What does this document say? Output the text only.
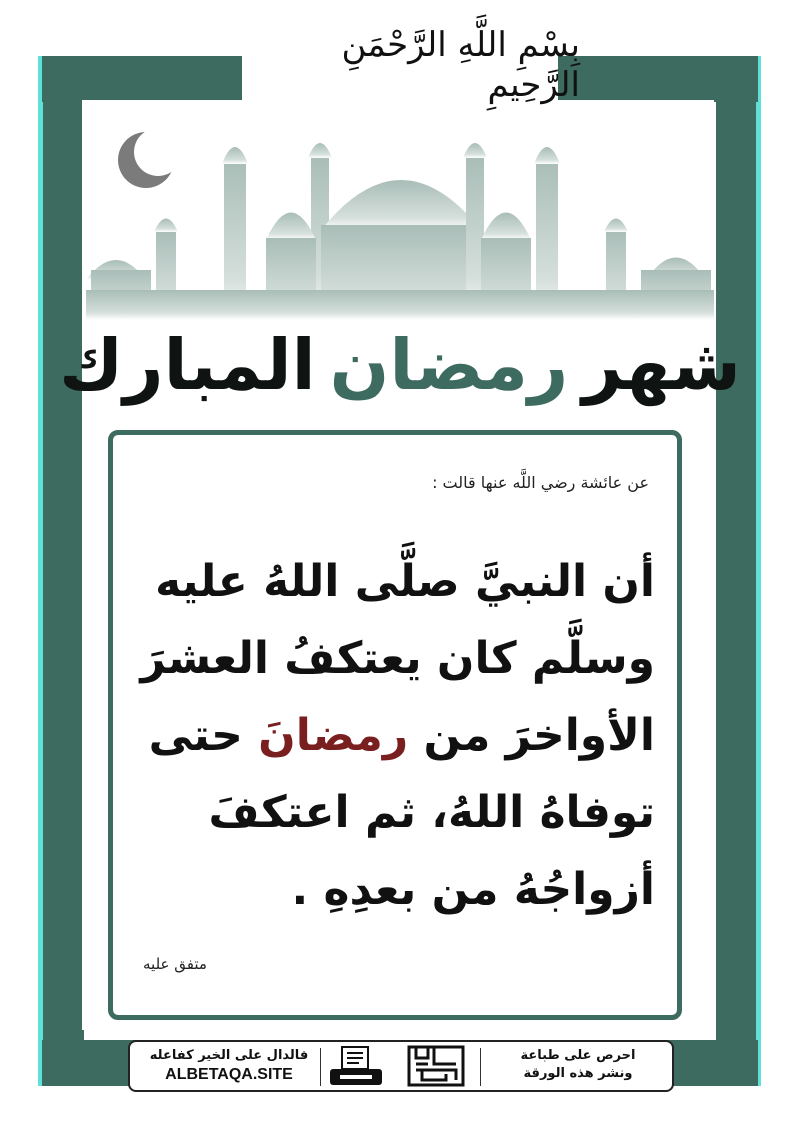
بِسْمِ اللَّهِ الرَّحْمَنِ الرَّحِيمِ
شهر
رمضان
المبارك
عن عائشة رضي اللَّه عنها قالت :
أن النبيَّ صلَّى اللهُ عليه
وسلَّم كان يعتكفُ العشرَ
الأواخرَ من رمضانَ حتى
توفاهُ اللهُ، ثم اعتكفَ
أزواجُهُ من بعدِهِ .
متفق عليه
فالدال على الخير كفاعله
ALBETAQA.SITE
احرص على طباعة
ونشر هذه الورقة
